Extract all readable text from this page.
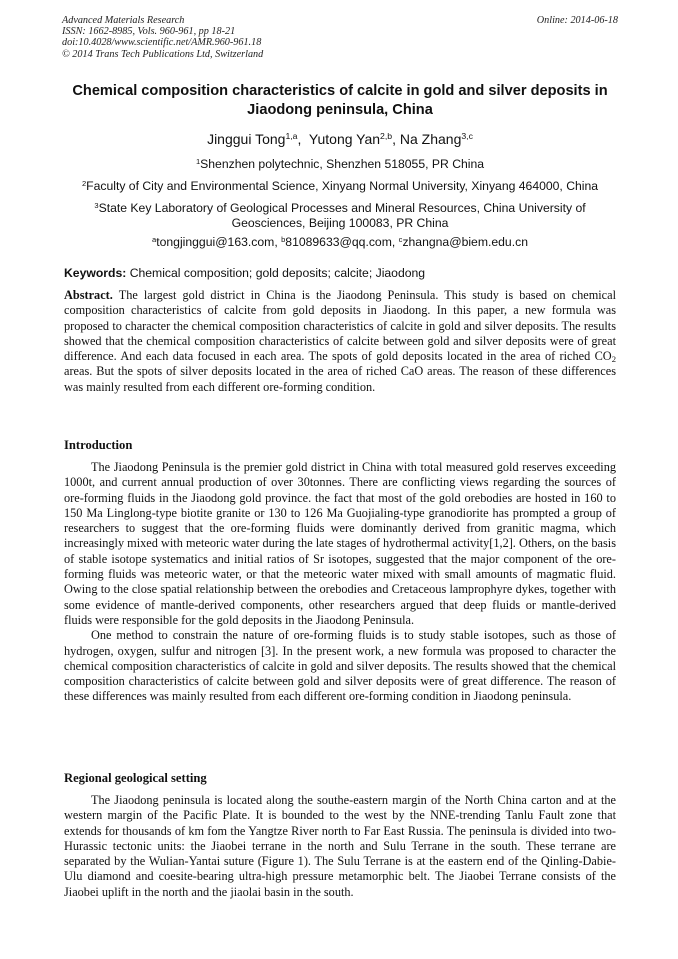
Advanced Materials Research
ISSN: 1662-8985, Vols. 960-961, pp 18-21
doi:10.4028/www.scientific.net/AMR.960-961.18
© 2014 Trans Tech Publications Ltd, Switzerland
Online: 2014-06-18
Chemical composition characteristics of calcite in gold and silver deposits in Jiaodong peninsula, China
Jinggui Tong$^{1,a}$,  Yutong Yan$^{2,b}$, Na Zhang$^{3,c}$
$^1$Shenzhen polytechnic, Shenzhen 518055, PR China
$^2$Faculty of City and Environmental Science, Xinyang Normal University, Xinyang 464000, China
$^3$State Key Laboratory of Geological Processes and Mineral Resources, China University of Geosciences, Beijing 100083, PR China
$^a$tongjinggui@163.com, $^b$81089633@qq.com, $^c$zhangna@biem.edu.cn
Keywords: Chemical composition; gold deposits; calcite; Jiaodong
Abstract. The largest gold district in China is the Jiaodong Peninsula. This study is based on chemical composition characteristics of calcite from gold deposits in Jiaodong. In this paper, a new formula was proposed to character the chemical composition characteristics of calcite in gold and silver deposits. The results showed that the chemical composition characteristics of calcite between gold and silver deposits were of great difference. And each data focused in each area. The spots of gold deposits located in the area of riched $CO_2$ areas. But the spots of silver deposits located in the area of riched CaO areas. The reason of these differences was mainly resulted from each different ore-forming condition.
Introduction

The Jiaodong Peninsula is the premier gold district in China with total measured gold reserves exceeding 1000t, and current annual production of over 30tonnes. There are conflicting views regarding the sources of ore-forming fluids in the Jiaodong gold province. the fact that most of the gold orebodies are hosted in 160 to 150 Ma Linglong-type biotite granite or 130 to 126 Ma Guojialing-type granodiorite has prompted a group of researchers to suggest that the ore-forming fluids were dominantly derived from granitic magma, which increasingly mixed with meteoric water during the late stages of hydrothermal activity[1,2]. Others, on the basis of stable isotope systematics and initial ratios of Sr isotopes, suggested that the major component of the ore-forming fluids was meteoric water, or that the meteoric water mixed with small amounts of magmatic fluid. Owing to the close spatial relationship between the orebodies and Cretaceous lamprophyre dykes, together with some evidence of mantle-derived components, other researchers argued that deep fluids or mantle-derived fluids were responsible for the gold deposits in the Jiaodong Peninsula.

One method to constrain the nature of ore-forming fluids is to study stable isotopes, such as those of hydrogen, oxygen, sulfur and nitrogen [3]. In the present work, a new formula was proposed to character the chemical composition characteristics of calcite in gold and silver deposits. The results showed that the chemical composition characteristics of calcite between gold and silver deposits were of great difference. The reason of these differences was mainly resulted from each different ore-forming condition in Jiaodong peninsula.

Regional geological setting

The Jiaodong peninsula is located along the southe-eastern margin of the North China carton and at the western margin of the Pacific Plate. It is bounded to the west by the NNE-trending Tanlu Fault zone that extends for thousands of km fom the Yangtze River north to Far East Russia. The peninsula is divided into two-Hurassic tectonic units: the Jiaobei terrane in the north and Sulu Terrane in the south. These terrane are separated by the Wulian-Yantai suture (Figure 1). The Sulu Terrane is at the eastern end of the Qinling-Dabie-Ulu diamond and coesite-bearing ultra-high pressure metamorphic belt. The Jiaobei Terrane consists of the Jiaobei uplift in the north and the jiaolai basin in the south.
